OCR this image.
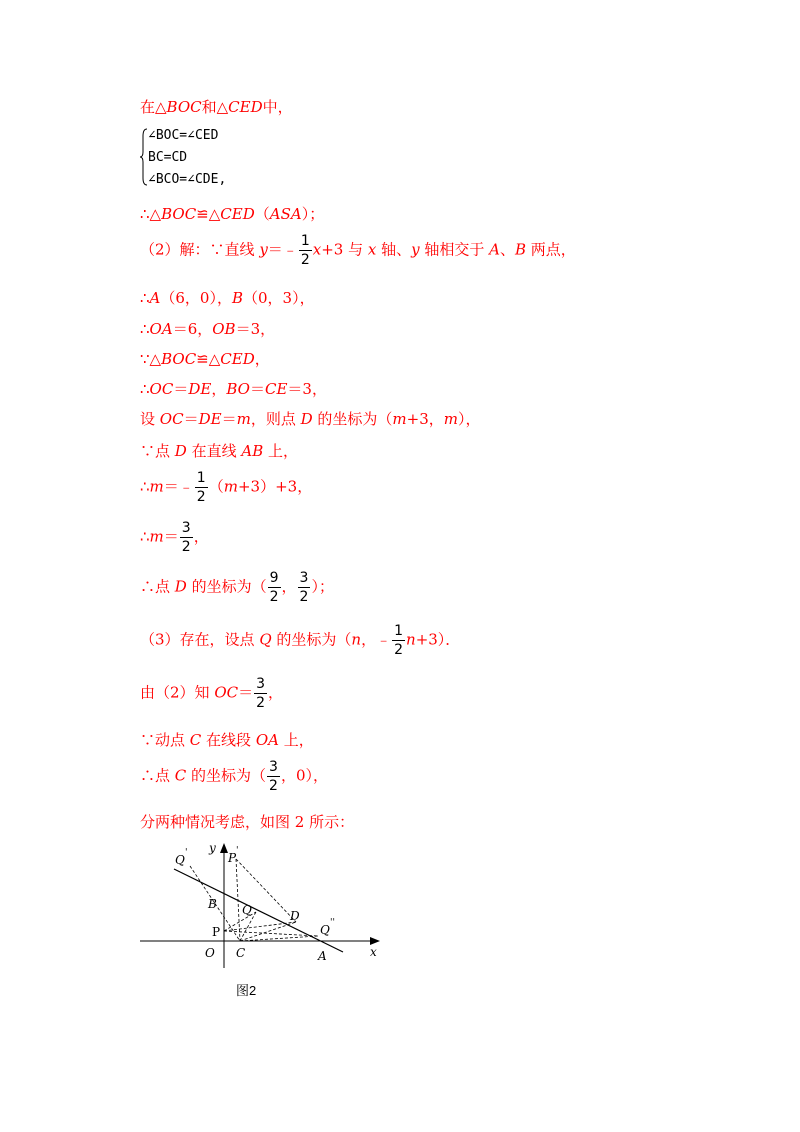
在△BOC和△CED中，
∠BOC=∠CED
BC=CD
∠BCO=∠CDE,
∴△BOC≌△CED（ASA）；
（2）解：∵直线 y＝﹣ $\frac{1}{2} x+3$ 与 x 轴、y 轴相交于 A、B 两点，
∴A（6，0），B（0，3），
∴OA＝6，OB＝3，
∵△BOC≌△CED，
∴OC＝DE，BO＝CE＝3，
设 OC＝DE＝m，则点 D 的坐标为（m+3，m），
∵点 D 在直线 AB 上，
∴m＝﹣ $\frac{1}{2} (m+3)+3$，
∴m＝ $\frac{3}{2}$ ，
∴点 D 的坐标为（ $\frac{9}{2}$ ， $\frac{3}{2}$ ）；
（3）存在，设点 Q 的坐标为（n，﹣ $\frac{1}{2} n+3$）．
由（2）知 $OC= \frac{3}{2}$ ，
∵动点 C 在线段 OA 上，
∴点 C 的坐标为（ $\frac{3}{2}$ ，0），
分两种情况考虑，如图 2 所示：
y
x
O C	A
B
D
Q '	P '
Q
Q ''
P
图2
